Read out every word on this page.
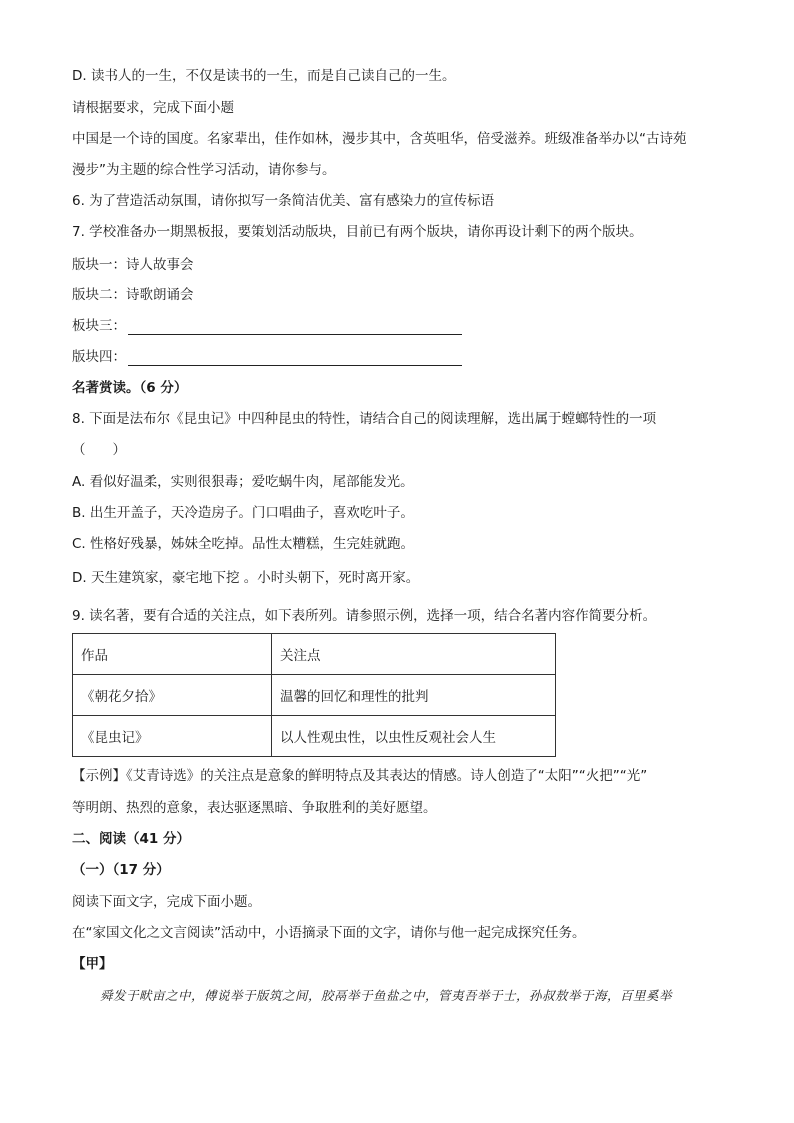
D. 读书人的一生，不仅是读书的一生，而是自己读自己的一生。
请根据要求，完成下面小题
中国是一个诗的国度。名家辈出，佳作如林，漫步其中，含英咀华，倍受滋养。班级准备举办以“古诗苑
漫步”为主题的综合性学习活动，请你参与。
6. 为了营造活动氛围，请你拟写一条简洁优美、富有感染力的宣传标语
7. 学校准备办一期黑板报，要策划活动版块，目前已有两个版块，请你再设计剩下的两个版块。
版块一：诗人故事会
版块二：诗歌朗诵会
板块三：
版块四：
名著赏读。（6 分）
8. 下面是法布尔《昆虫记》中四种昆虫的特性，请结合自己的阅读理解，选出属于螳螂特性的一项
（　　）
A. 看似好温柔，实则很狠毒；爱吃蜗牛肉，尾部能发光。
B. 出生开盖子，天冷造房子。门口唱曲子，喜欢吃叶子。
C. 性格好残暴，姊妹全吃掉。品性太糟糕，生完娃就跑。
D. 天生建筑家，豪宅地下挖 。小时头朝下，死时离开家。
9. 读名著，要有合适的关注点，如下表所列。请参照示例，选择一项，结合名著内容作简要分析。
作品	关注点
《朝花夕拾》	温馨的回忆和理性的批判
《昆虫记》	以人性观虫性，以虫性反观社会人生
【示例】《艾青诗选》的关注点是意象的鲜明特点及其表达的情感。诗人创造了“太阳”“火把”“光”
等明朗、热烈的意象，表达驱逐黑暗、争取胜利的美好愿望。
二、阅读（41 分）
（一）（17 分）
阅读下面文字，完成下面小题。
在“家国文化之文言阅读”活动中，小语摘录下面的文字，请你与他一起完成探究任务。
【甲】
舜发于畎亩之中，傅说举于版筑之间，胶鬲举于鱼盐之中，管夷吾举于士，孙叔敖举于海，百里奚举
